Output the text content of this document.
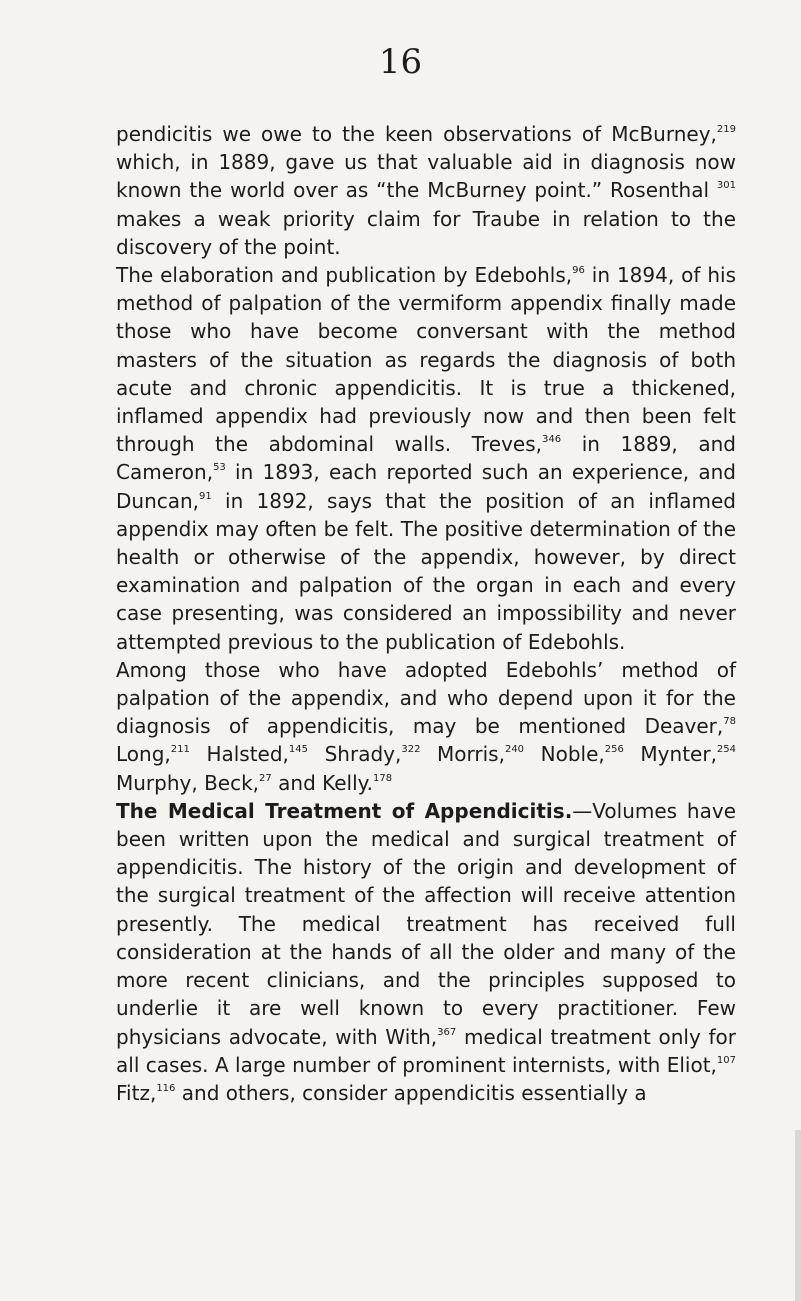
16

pendicitis we owe to the keen observations of McBurney,$^{219}$ which, in 1889, gave us that valuable aid in diagnosis now known the world over as “the McBurney point.” Rosenthal $^{301}$ makes a weak priority claim for Traube in relation to the discovery of the point.

The elaboration and publication by Edebohls,$^{96}$ in 1894, of his method of palpation of the vermiform appendix finally made those who have become conversant with the method masters of the situation as regards the diagnosis of both acute and chronic appendicitis. It is true a thickened, inflamed appendix had previously now and then been felt through the abdominal walls. Treves,$^{346}$ in 1889, and Cameron,$^{53}$ in 1893, each reported such an experience, and Duncan,$^{91}$ in 1892, says that the position of an inflamed appendix may often be felt. The positive determination of the health or otherwise of the appendix, however, by direct examination and palpation of the organ in each and every case presenting, was considered an impossibility and never attempted previous to the publication of Edebohls.

Among those who have adopted Edebohls’ method of palpation of the appendix, and who depend upon it for the diagnosis of appendicitis, may be mentioned Deaver,$^{78}$ Long,$^{211}$ Halsted,$^{145}$ Shrady,$^{322}$ Morris,$^{240}$ Noble,$^{256}$ Mynter,$^{254}$ Murphy, Beck,$^{27}$ and Kelly.$^{178}$

The Medical Treatment of Appendicitis.—Volumes have been written upon the medical and surgical treatment of appendicitis. The history of the origin and development of the surgical treatment of the affection will receive attention presently. The medical treatment has received full consideration at the hands of all the older and many of the more recent clinicians, and the principles supposed to underlie it are well known to every practitioner. Few physicians advocate, with With,$^{367}$ medical treatment only for all cases. A large number of prominent internists, with Eliot,$^{107}$ Fitz,$^{116}$ and others, consider appendicitis essentially a
